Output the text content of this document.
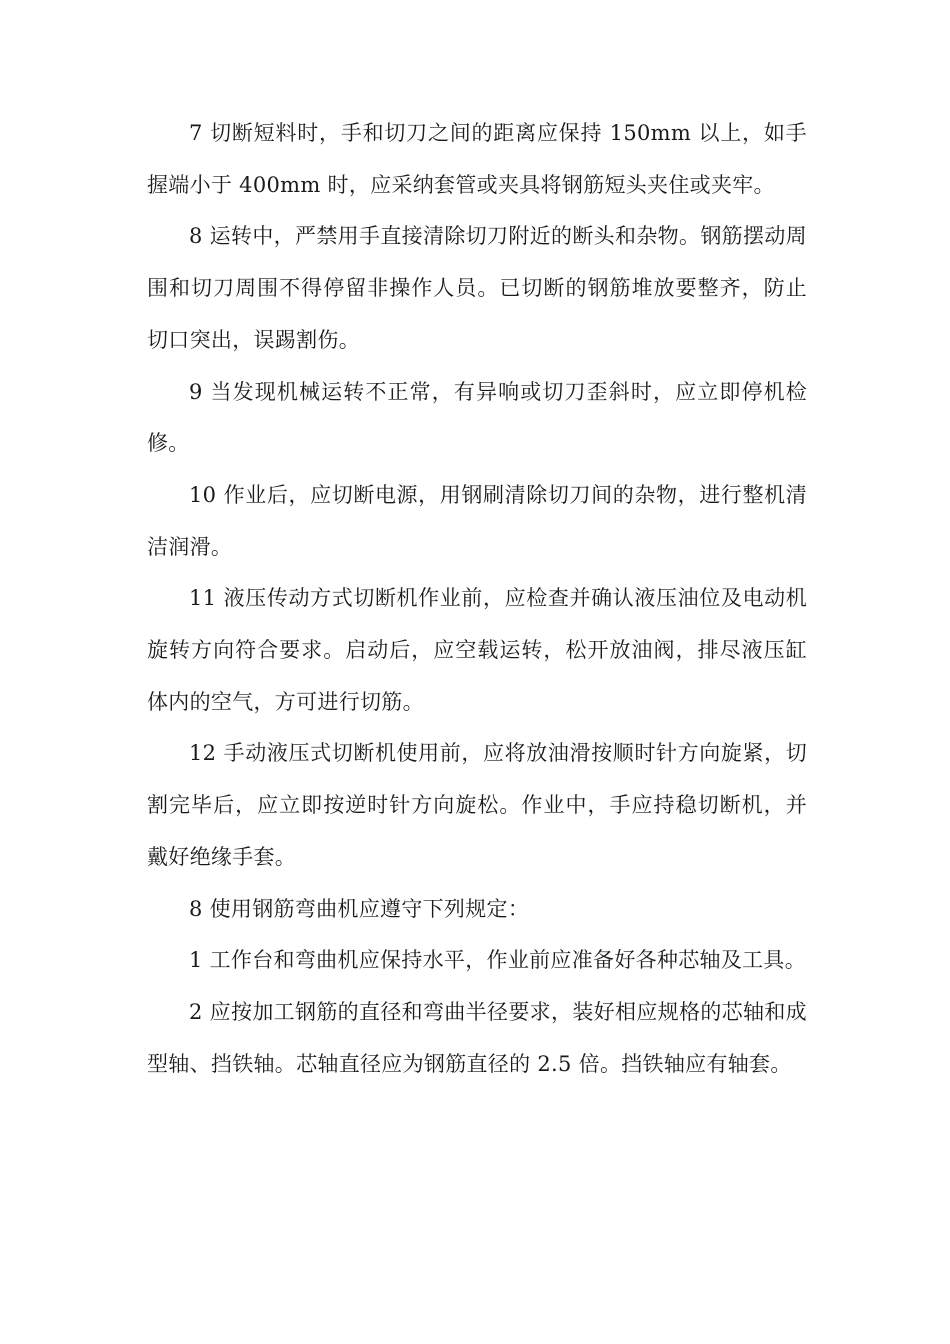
7 切断短料时，手和切刀之间的距离应保持 150mm 以上，如手握端小于 400mm 时，应采纳套管或夹具将钢筋短头夹住或夹牢。

8 运转中，严禁用手直接清除切刀附近的断头和杂物。钢筋摆动周围和切刀周围不得停留非操作人员。已切断的钢筋堆放要整齐，防止切口突出，误踢割伤。

9 当发现机械运转不正常，有异响或切刀歪斜时，应立即停机检修。

10 作业后，应切断电源，用钢刷清除切刀间的杂物，进行整机清洁润滑。

11 液压传动方式切断机作业前，应检查并确认液压油位及电动机旋转方向符合要求。启动后，应空载运转，松开放油阀，排尽液压缸体内的空气，方可进行切筋。

12 手动液压式切断机使用前，应将放油滑按顺时针方向旋紧，切割完毕后，应立即按逆时针方向旋松。作业中，手应持稳切断机，并戴好绝缘手套。

8 使用钢筋弯曲机应遵守下列规定：

1 工作台和弯曲机应保持水平，作业前应准备好各种芯轴及工具。

2 应按加工钢筋的直径和弯曲半径要求，装好相应规格的芯轴和成型轴、挡铁轴。芯轴直径应为钢筋直径的 2.5 倍。挡铁轴应有轴套。
